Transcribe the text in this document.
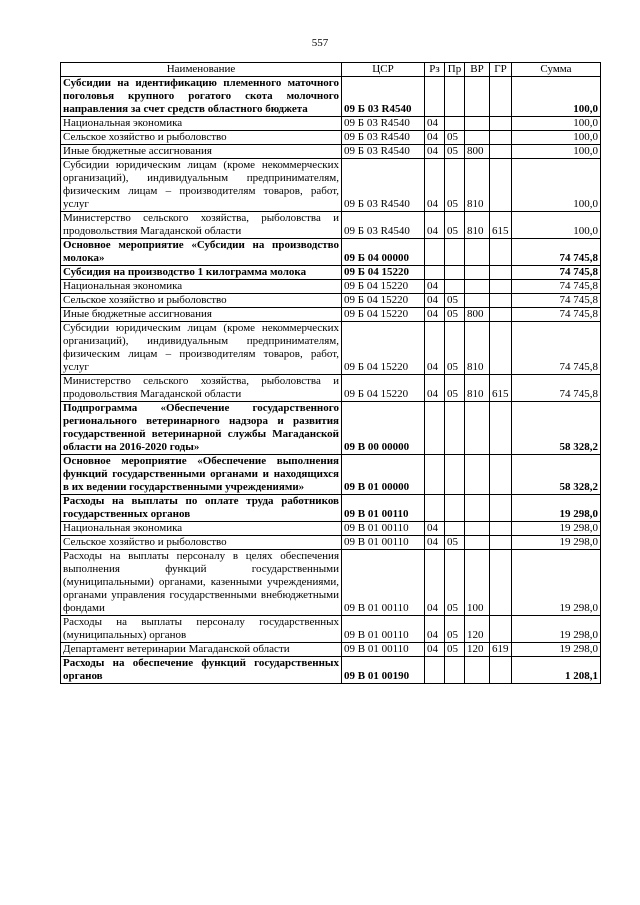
557
Наименование	ЦСР	Рз	Пр	ВР	ГР	Сумма
Субсидии на идентификацию племенного маточного поголовья крупного рогатого скота молочного направления за счет средств областного бюджета	09 Б 03 R4540					100,0
Национальная экономика	09 Б 03 R4540	04				100,0
Сельское хозяйство и рыболовство	09 Б 03 R4540	04	05			100,0
Иные бюджетные ассигнования	09 Б 03 R4540	04	05	800		100,0
Субсидии юридическим лицам (кроме некоммерческих организаций), индивидуальным предпринимателям, физическим лицам – производителям товаров, работ, услуг	09 Б 03 R4540	04	05	810		100,0
Министерство сельского хозяйства, рыболовства и продовольствия Магаданской области	09 Б 03 R4540	04	05	810	615	100,0
Основное мероприятие «Субсидии на производство молока»	09 Б 04 00000					74 745,8
Субсидия на производство 1 килограмма молока	09 Б 04 15220					74 745,8
Национальная экономика	09 Б 04 15220	04				74 745,8
Сельское хозяйство и рыболовство	09 Б 04 15220	04	05			74 745,8
Иные бюджетные ассигнования	09 Б 04 15220	04	05	800		74 745,8
Субсидии юридическим лицам (кроме некоммерческих организаций), индивидуальным предпринимателям, физическим лицам – производителям товаров, работ, услуг	09 Б 04 15220	04	05	810		74 745,8
Министерство сельского хозяйства, рыболовства и продовольствия Магаданской области	09 Б 04 15220	04	05	810	615	74 745,8
Подпрограмма «Обеспечение государственного регионального ветеринарного надзора и развития государственной ветеринарной службы Магаданской области на 2016-2020 годы»	09 В 00 00000					58 328,2
Основное мероприятие «Обеспечение выполнения функций государственными органами и находящихся в их ведении государственными учреждениями»	09 В 01 00000					58 328,2
Расходы на выплаты по оплате труда работников государственных органов	09 В 01 00110					19 298,0
Национальная экономика	09 В 01 00110	04				19 298,0
Сельское хозяйство и рыболовство	09 В 01 00110	04	05			19 298,0
Расходы на выплаты персоналу в целях обеспечения выполнения функций государственными (муниципальными) органами, казенными учреждениями, органами управления государственными внебюджетными фондами	09 В 01 00110	04	05	100		19 298,0
Расходы на выплаты персоналу государственных (муниципальных) органов	09 В 01 00110	04	05	120		19 298,0
Департамент ветеринарии Магаданской области	09 В 01 00110	04	05	120	619	19 298,0
Расходы на обеспечение функций государственных органов	09 В 01 00190					1 208,1
